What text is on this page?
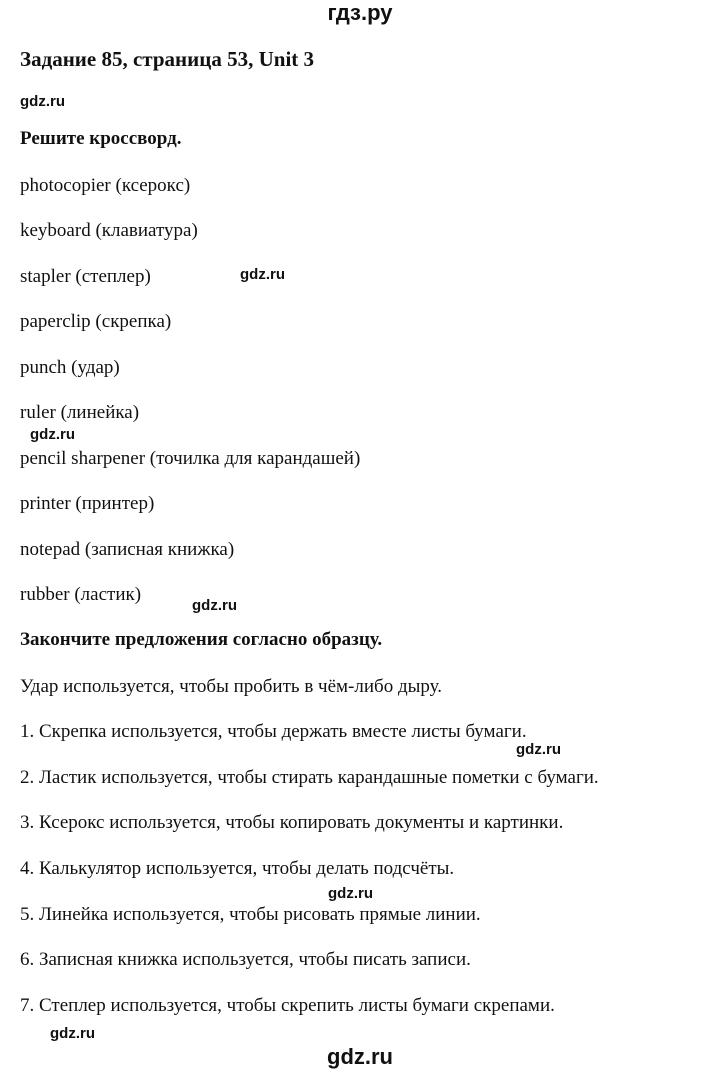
гдз.ру
Задание 85, страница 53, Unit 3
gdz.ru
Решите кроссворд.
photocopier (ксерокс)
keyboard (клавиатура)
stapler (степлер)	gdz.ru
paperclip (скрепка)
punch (удар)
ruler (линейка)
gdz.ru
pencil sharpener (точилка для карандашей)
printer (принтер)
notepad (записная книжка)
rubber (ластик)
gdz.ru
Закончите предложения согласно образцу.
Удар используется, чтобы пробить в чём-либо дыру.
1. Скрепка используется, чтобы держать вместе листы бумаги.
gdz.ru
2. Ластик используется, чтобы стирать карандашные пометки с бумаги.
3. Ксерокс используется, чтобы копировать документы и картинки.
4. Калькулятор используется, чтобы делать подсчёты.
gdz.ru
5. Линейка используется, чтобы рисовать прямые линии.
6. Записная книжка используется, чтобы писать записи.
7. Степлер используется, чтобы скрепить листы бумаги скрепами.
gdz.ru
gdz.ru
